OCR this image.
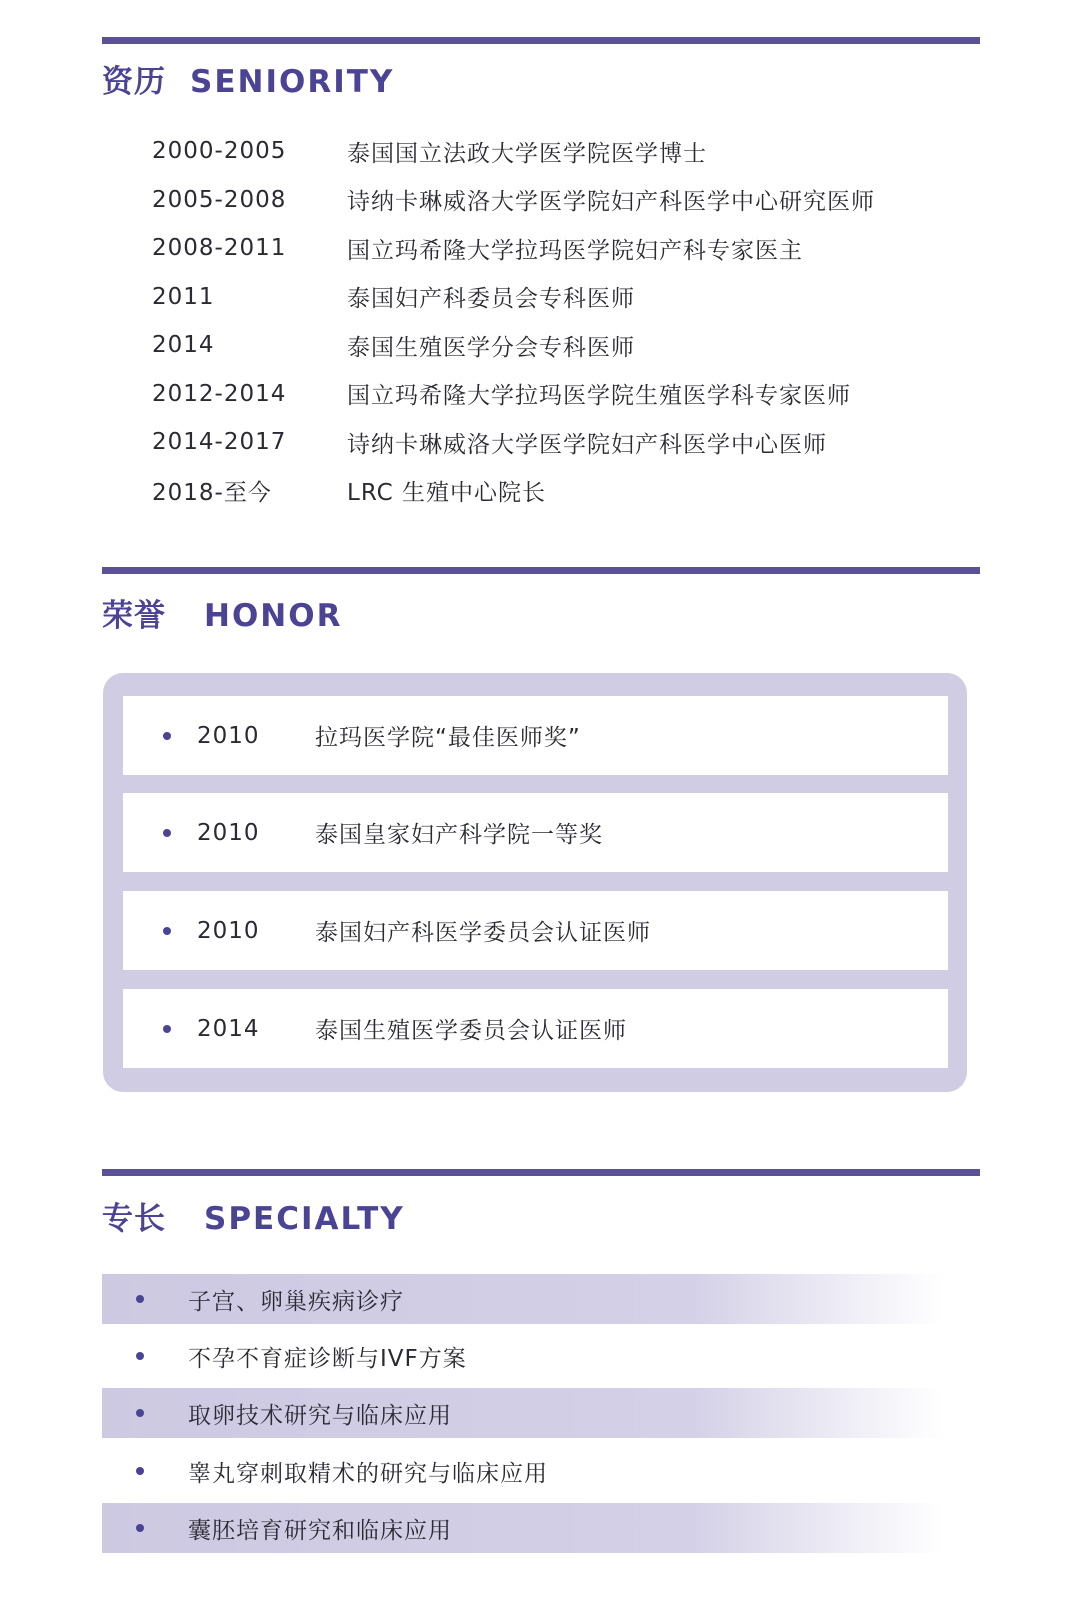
资历 SENIORITY
2000-2005	泰国国立法政大学医学院医学博士
2005-2008	诗纳卡琳威洛大学医学院妇产科医学中心研究医师
2008-2011	国立玛希隆大学拉玛医学院妇产科专家医主
2011	泰国妇产科委员会专科医师
2014	泰国生殖医学分会专科医师
2012-2014	国立玛希隆大学拉玛医学院生殖医学科专家医师
2014-2017	诗纳卡琳威洛大学医学院妇产科医学中心医师
2018-至今	LRC 生殖中心院长
荣誉 HONOR
2010	拉玛医学院“最佳医师奖”
2010	泰国皇家妇产科学院一等奖
2010	泰国妇产科医学委员会认证医师
2014	泰国生殖医学委员会认证医师
专长 SPECIALTY
子宫、卵巢疾病诊疗
不孕不育症诊断与IVF方案
取卵技术研究与临床应用
睾丸穿刺取精术的研究与临床应用
囊胚培育研究和临床应用
